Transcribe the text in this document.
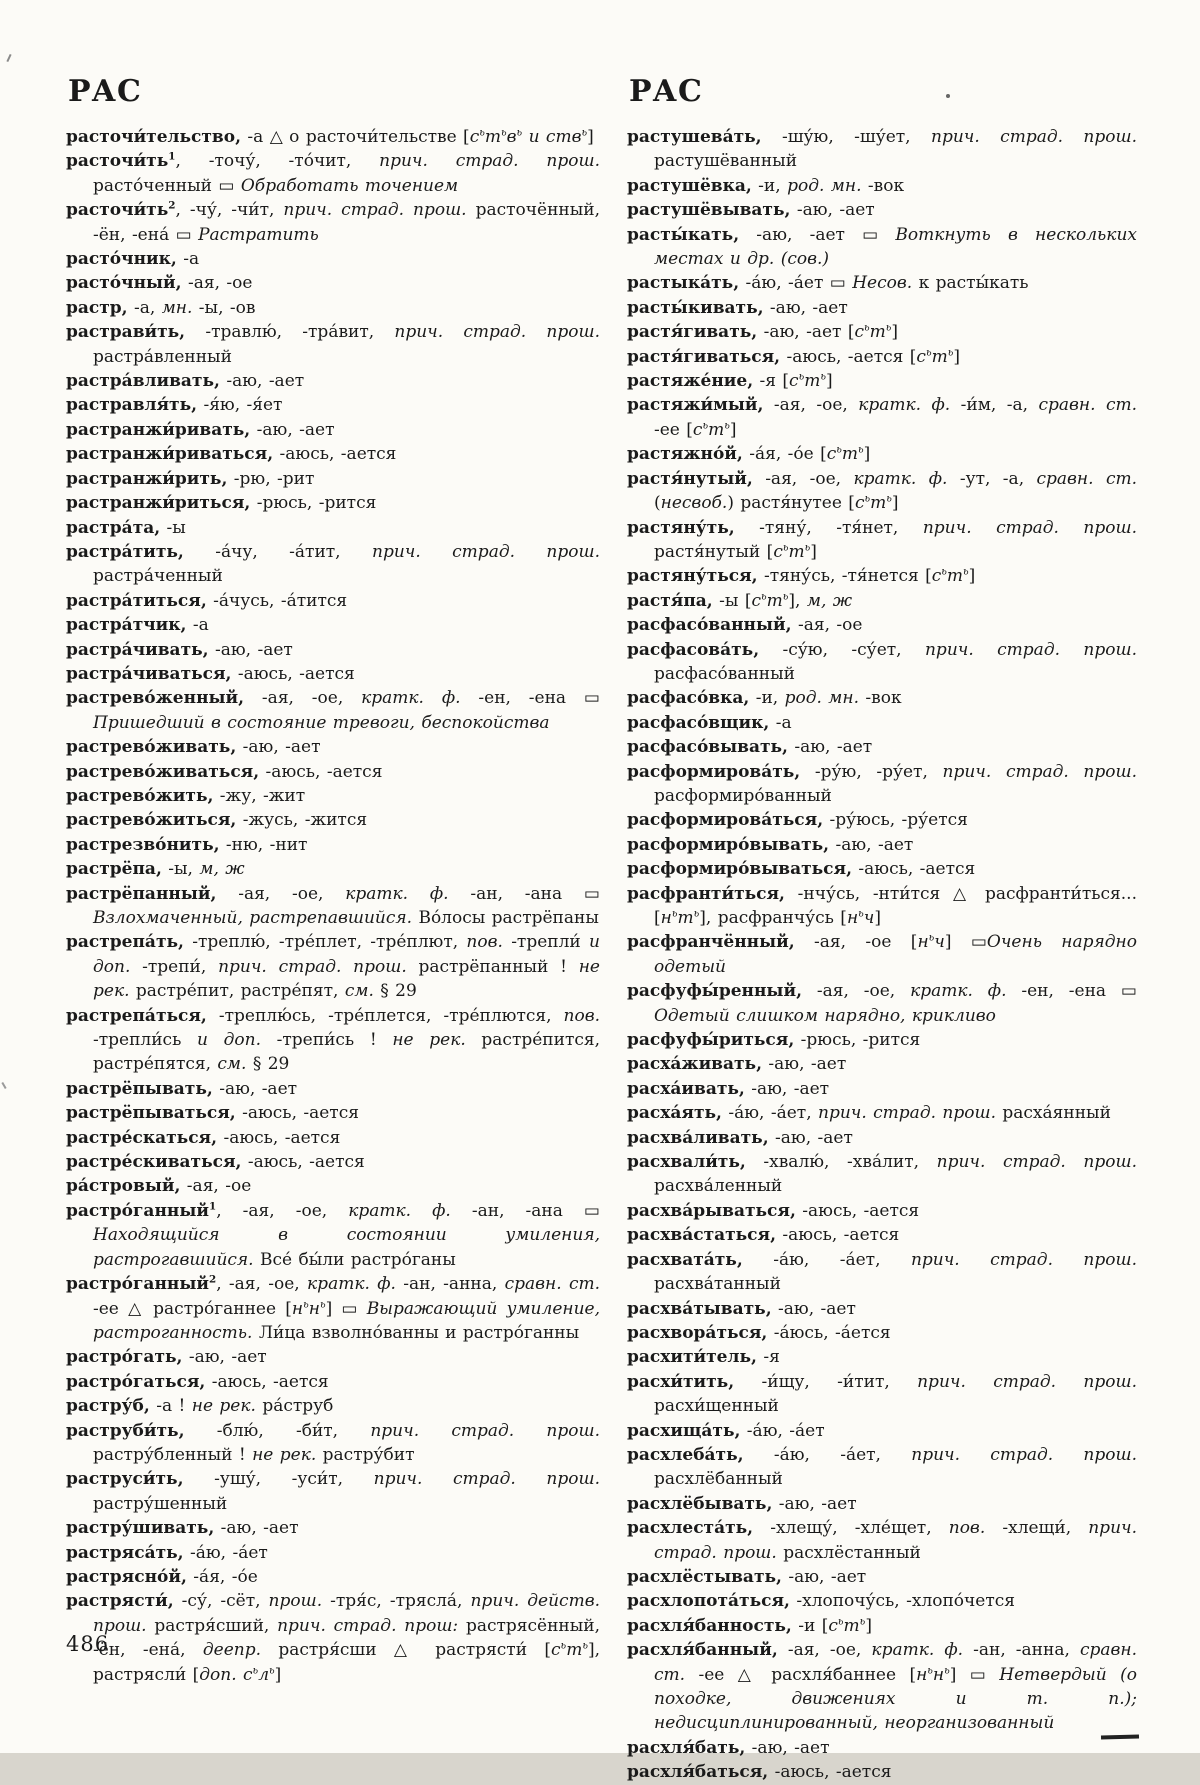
РАС

расточи́тельство, -а △ о расточи́тельстве [$с^ьт^ьв^ь$ и ств$^ь$]

$расточи́ть^1$, -точу́, -то́чит, прич. страд. прош. расто́ченный ▭ Обработать точением

$расточи́ть^2$, -чу́, -чи́т, прич. страд. прош. расточённый, -ён, -ена́ ▭ Растратить

расто́чник, -а

расто́чный, -ая, -ое

растр, -а, мн. -ы, -ов

растрави́ть, -травлю́, -тра́вит, прич. страд. прош. растра́вленный

растра́вливать, -аю, -ает

растравля́ть, -я́ю, -я́ет

растранжи́ривать, -аю, -ает

растранжи́риваться, -аюсь, -ается

растранжи́рить, -рю, -рит

растранжи́риться, -рюсь, -рится

растра́та, -ы

растра́тить, -а́чу, -а́тит, прич. страд. прош. растра́ченный

растра́титься, -а́чусь, -а́тится

растра́тчик, -а

растра́чивать, -аю, -ает

растра́чиваться, -аюсь, -ается

растрево́женный, -ая, -ое, кратк. ф. -ен, -ена ▭ Пришедший в состояние тревоги, беспокойства

растрево́живать, -аю, -ает

растрево́живаться, -аюсь, -ается

растрево́жить, -жу, -жит

растрево́житься, -жусь, -жится

растрезво́нить, -ню, -нит

растрёпа, -ы, м, ж

растрёпанный, -ая, -ое, кратк. ф. -ан, -ана ▭ Взлохмаченный, растрепавшийся. Во́лосы растрёпаны

растрепа́ть, -треплю́, -тре́плет, -тре́плют, пов. -трепли́ и доп. -трепи́, прич. страд. прош. растрёпанный ! не рек. растре́пит, растре́пят, см. § 29

растрепа́ться, -треплю́сь, -тре́плется, -тре́плются, пов. -трепли́сь и доп. -трепи́сь ! не рек. растре́пится, растре́пятся, см. § 29

растрёпывать, -аю, -ает

растрёпываться, -аюсь, -ается

растре́скаться, -аюсь, -ается

растре́скиваться, -аюсь, -ается

ра́стровый, -ая, -ое

растро́ганный$^1$, -ая, -ое, кратк. ф. -ан, -ана ▭ Находящийся в состоянии умиления, растрогавшийся. Все́ бы́ли растро́ганы

растро́ганный$^2$, -ая, -ое, кратк. ф. -ан, -анна, сравн. ст. -ее △ растро́ганнее $[н^ьн^ь]$ ▭ Выражающий умиление, растроганность. Ли́ца взволно́ванны и растро́ганны

растро́гать, -аю, -ает

растро́гаться, -аюсь, -ается

растру́б, -а ! не рек. ра́струб

раструби́ть, -блю́, -би́т, прич. страд. прош. растру́бленный ! не рек. растру́бит

раструси́ть, -ушу́, -уси́т, прич. страд. прош. растру́шенный

растру́шивать, -аю, -ает

растряса́ть, -а́ю, -а́ет

растрясно́й, -а́я, -о́е

растрясти́, -су́, -сёт, прош. -тря́с, -трясла́, прич. действ. прош. растря́сший, прич. страд. прош: растрясённый, -ён, -ена́, деепр. растря́сши △ растрясти́ $[с^ьт^ь]$, растрясли́ [доп. $с^ьл^ь$]

РАС

растушева́ть, -шу́ю, -шу́ет, прич. страд. прош. растушёванный

растушёвка, -и, род. мн. -вок

растушёвывать, -аю, -ает

расты́кать, -аю, -ает ▭ Воткнуть в нескольких местах и др. (сов.)

растыка́ть, -а́ю, -а́ет ▭ Несов. к расты́кать

расты́кивать, -аю, -ает

растя́гивать, -аю, -ает $[с^ьт^ь]$

растя́гиваться, -аюсь, -ается $[с^ьт^ь]$

растяже́ние, -я $[с^ьт^ь]$

растяжи́мый, -ая, -ое, кратк. ф. -и́м, -а, сравн. ст. -ее $[с^ьт^ь]$

растяжно́й, -а́я, -о́е $[с^ьт^ь]$

растя́нутый, -ая, -ое, кратк. ф. -ут, -а, сравн. ст. (несвоб.) растя́нутее $[с^ьт^ь]$

растяну́ть, -тяну́, -тя́нет, прич. страд. прош. растя́нутый $[с^ьт^ь]$

растяну́ться, -тяну́сь, -тя́нется $[с^ьт^ь]$

растя́па, -ы $[с^ьт^ь]$, м, ж

расфасо́ванный, -ая, -ое

расфасова́ть, -су́ю, -су́ет, прич. страд. прош. расфасо́ванный

расфасо́вка, -и, род. мн. -вок

расфасо́вщик, -а

расфасо́вывать, -аю, -ает

расформирова́ть, -ру́ю, -ру́ет, прич. страд. прош. расформиро́ванный

расформирова́ться, -ру́юсь, -ру́ется

расформиро́вывать, -аю, -ает

расформиро́вываться, -аюсь, -ается

расфранти́ться, -нчу́сь, -нти́тся △ расфранти́ться... $[н^ьт^ь]$, расфранчу́сь $[н^ьч]$

расфранчённый, -ая, -ое $[н^ьч]$ ▭Очень нарядно одетый

расфуфы́ренный, -ая, -ое, кратк. ф. -ен, -ена ▭ Одетый слишком нарядно, крикливо

расфуфы́риться, -рюсь, -рится

расха́живать, -аю, -ает

расха́ивать, -аю, -ает

расха́ять, -а́ю, -а́ет, прич. страд. прош. расха́янный

расхва́ливать, -аю, -ает

расхвали́ть, -хвалю́, -хва́лит, прич. страд. прош. расхва́ленный

расхва́рываться, -аюсь, -ается

расхва́статься, -аюсь, -ается

расхвата́ть, -а́ю, -а́ет, прич. страд. прош. расхва́танный

расхва́тывать, -аю, -ает

расхвора́ться, -а́юсь, -а́ется

расхити́тель, -я

расхи́тить, -и́щу, -и́тит, прич. страд. прош. расхи́щенный

расхища́ть, -а́ю, -а́ет

расхлеба́ть, -а́ю, -а́ет, прич. страд. прош. расхлёбанный

расхлёбывать, -аю, -ает

расхлеста́ть, -хлещу́, -хле́щет, пов. -хлещи́, прич. страд. прош. расхлёстанный

расхлёстывать, -аю, -ает

расхлопота́ться, -хлопочу́сь, -хлопо́чется

расхля́банность, -и $[с^ьт^ь]$

расхля́банный, -ая, -ое, кратк. ф. -ан, -анна, сравн. ст. -ее △ расхля́баннее $[н^ьн^ь]$ ▭ Нетвердый (о походке, движениях и т. п.); недисциплинированный, неорганизованный

расхля́бать, -аю, -ает

расхля́баться, -аюсь, -ается

486
